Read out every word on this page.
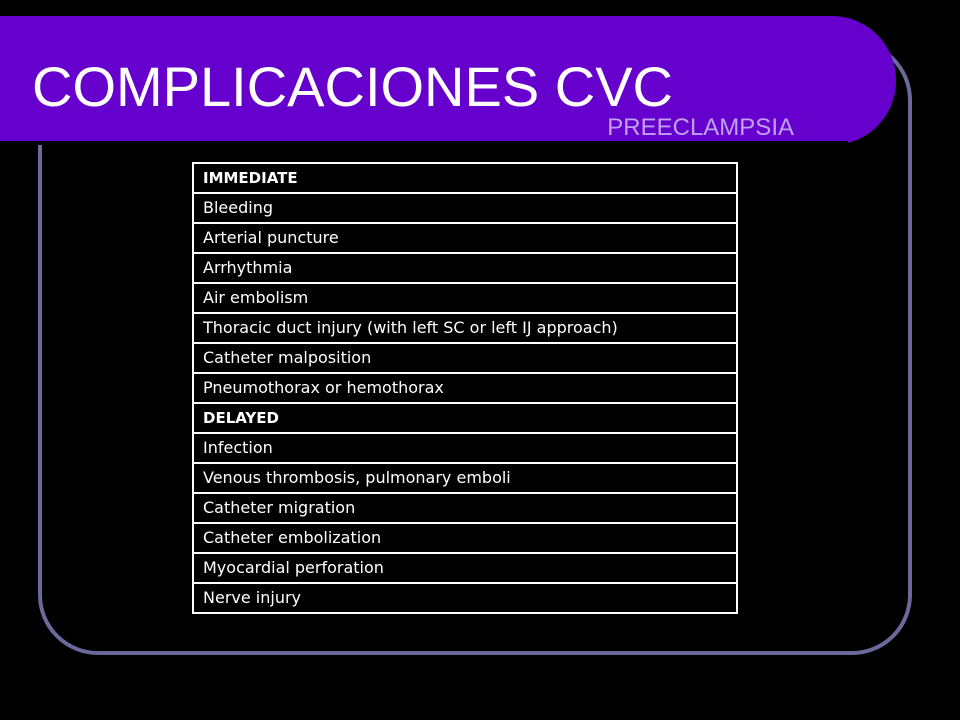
COMPLICACIONES CVC
PREECLAMPSIA
IMMEDIATE
Bleeding
Arterial puncture
Arrhythmia
Air embolism
Thoracic duct injury (with left SC or left IJ approach)
Catheter malposition
Pneumothorax or hemothorax
DELAYED
Infection
Venous thrombosis, pulmonary emboli
Catheter migration
Catheter embolization
Myocardial perforation
Nerve injury
